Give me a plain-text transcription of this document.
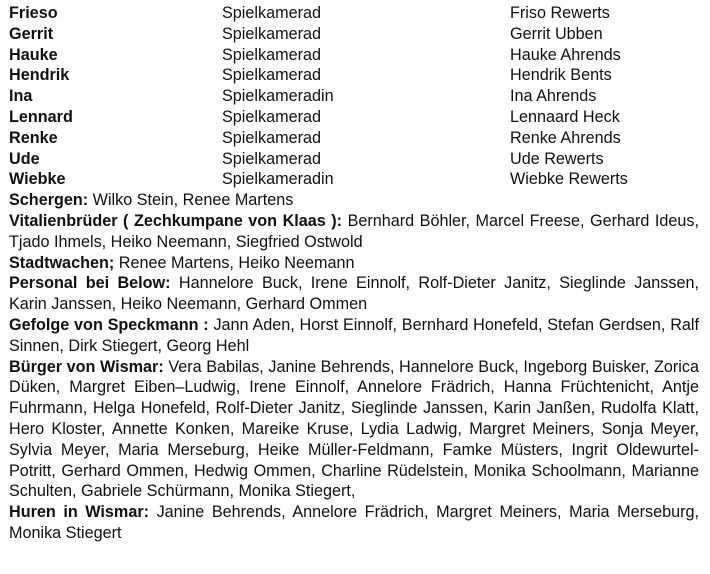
Frieso	Spielkamerad	Friso Rewerts
Gerrit	Spielkamerad	Gerrit Ubben
Hauke	Spielkamerad	Hauke Ahrends
Hendrik	Spielkamerad	Hendrik Bents
Ina	Spielkameradin	Ina Ahrends
Lennard	Spielkamerad	Lennaard Heck
Renke	Spielkamerad	Renke Ahrends
Ude	Spielkamerad	Ude Rewerts
Wiebke	Spielkameradin	Wiebke Rewerts

Schergen: Wilko Stein, Renee Martens

Vitalienbrüder ( Zechkumpane von Klaas ): Bernhard Böhler, Marcel Freese, Gerhard Ideus, Tjado Ihmels, Heiko Neemann, Siegfried Ostwold

Stadtwachen; Renee Martens, Heiko Neemann

Personal bei Below: Hannelore Buck, Irene Einnolf, Rolf-Dieter Janitz, Sieglinde Janssen, Karin Janssen, Heiko Neemann, Gerhard Ommen

Gefolge von Speckmann : Jann Aden, Horst Einnolf, Bernhard Honefeld, Stefan Gerdsen, Ralf Sinnen, Dirk Stiegert, Georg Hehl

Bürger von Wismar: Vera Babilas, Janine Behrends, Hannelore Buck, Ingeborg Buisker, Zorica Düken, Margret Eiben–Ludwig, Irene Einnolf, Annelore Frädrich, Hanna Früchtenicht, Antje Fuhrmann, Helga Honefeld, Rolf-Dieter Janitz, Sieglinde Janssen, Karin Janßen, Rudolfa Klatt, Hero Kloster, Annette Konken, Mareike Kruse, Lydia Ladwig, Margret Meiners, Sonja Meyer, Sylvia Meyer, Maria Merseburg, Heike Müller-Feldmann, Famke Müsters, Ingrit Oldewurtel-Potritt, Gerhard Ommen, Hedwig Ommen, Charline Rüdelstein, Monika Schoolmann, Marianne Schulten, Gabriele Schürmann, Monika Stiegert,

Huren in Wismar: Janine Behrends, Annelore Frädrich, Margret Meiners, Maria Merseburg, Monika Stiegert
